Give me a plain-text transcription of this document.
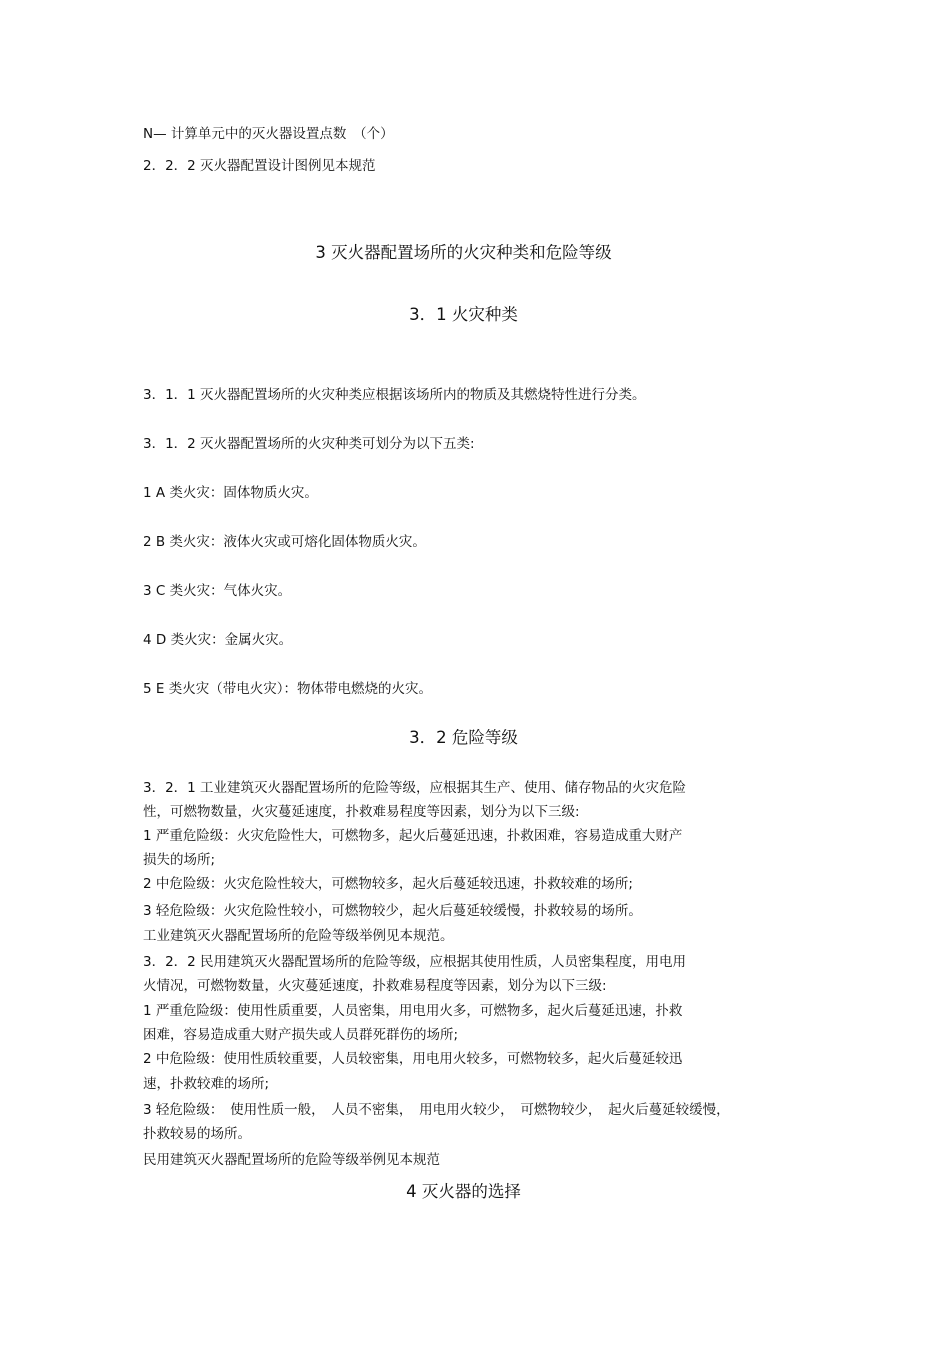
N— 计算单元中的灭火器设置点数　（个）
2．2．2 灭火器配置设计图例见本规范
3 灭火器配置场所的火灾种类和危险等级
3．1 火灾种类
3．1．1 灭火器配置场所的火灾种类应根据该场所内的物质及其燃烧特性进行分类。
3．1．2 灭火器配置场所的火灾种类可划分为以下五类:
1 A 类火灾：固体物质火灾。
2 B 类火灾：液体火灾或可熔化固体物质火灾。
3 C 类火灾：气体火灾。
4 D 类火灾：金属火灾。
5 E 类火灾（带电火灾）：物体带电燃烧的火灾。
3．2 危险等级
3．2．1 工业建筑灭火器配置场所的危险等级，应根据其生产、使用、储存物品的火灾危险
性，可燃物数量，火灾蔓延速度，扑救难易程度等因素，划分为以下三级:
1 严重危险级：火灾危险性大，可燃物多，起火后蔓延迅速，扑救困难，容易造成重大财产
损失的场所;
2 中危险级：火灾危险性较大，可燃物较多，起火后蔓延较迅速，扑救较难的场所;
3 轻危险级：火灾危险性较小，可燃物较少，起火后蔓延较缓慢，扑救较易的场所。
工业建筑灭火器配置场所的危险等级举例见本规范。
3．2．2 民用建筑灭火器配置场所的危险等级，应根据其使用性质，人员密集程度，用电用
火情况，可燃物数量，火灾蔓延速度，扑救难易程度等因素，划分为以下三级:
1 严重危险级：使用性质重要，人员密集，用电用火多，可燃物多，起火后蔓延迅速，扑救
困难，容易造成重大财产损失或人员群死群伤的场所;
2 中危险级：使用性质较重要，人员较密集，用电用火较多，可燃物较多，起火后蔓延较迅
速，扑救较难的场所;
3 轻危险级：　使用性质一般，　人员不密集，　用电用火较少，　可燃物较少，　起火后蔓延较缓慢，
扑救较易的场所。
民用建筑灭火器配置场所的危险等级举例见本规范
4 灭火器的选择
